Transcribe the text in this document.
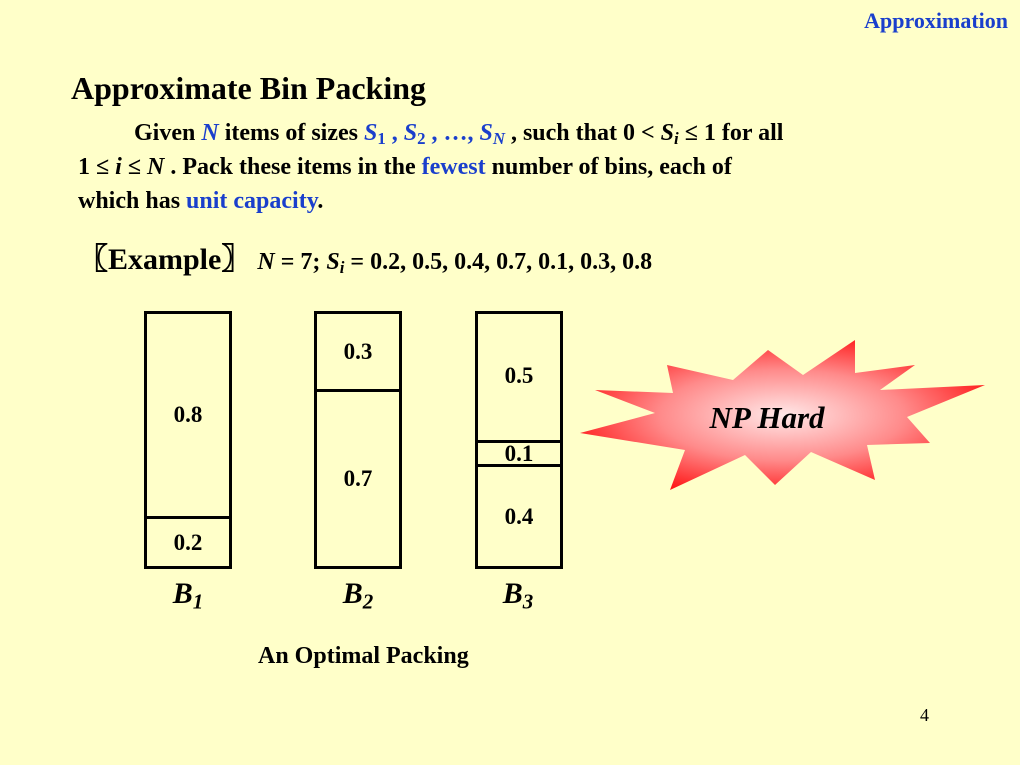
Approximation
Approximate Bin Packing
Given N items of sizes $S_1$ , $S_2$ , …, $S_N$ , such that $0 < S_i \le 1$ for all
1 ≤ i ≤ N . Pack these items in the fewest number of bins, each of
which has unit capacity.
〖Example〗 N = 7; $S_i = 0.2$, 0.5, 0.4, 0.7, 0.1, 0.3, 0.8
0.8
0.2
$B_1$
0.3
0.7
$B_2$
0.5
0.1
0.4
$B_3$
An Optimal Packing
NP Hard
4
